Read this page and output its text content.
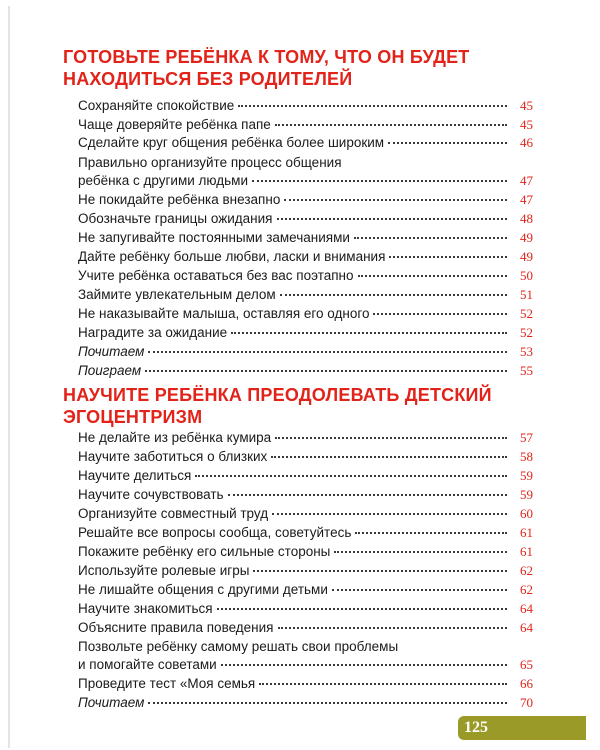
ГОТОВЬТЕ РЕБЁНКА К ТОМУ, ЧТО ОН БУДЕТ
НАХОДИТЬСЯ БЕЗ РОДИТЕЛЕЙ
Сохраняйте спокойствие	45
Чаще доверяйте ребёнка папе	45
Сделайте круг общения ребёнка более широким	46
Правильно организуйте процесс общения
ребёнка с другими людьми	47
Не покидайте ребёнка внезапно	47
Обозначьте границы ожидания	48
Не запугивайте постоянными замечаниями	49
Дайте ребёнку больше любви, ласки и внимания	49
Учите ребёнка оставаться без вас поэтапно	50
Займите увлекательным делом	51
Не наказывайте малыша, оставляя его одного	52
Наградите за ожидание	52
Почитаем	53
Поиграем	55
НАУЧИТЕ РЕБЁНКА ПРЕОДОЛЕВАТЬ ДЕТСКИЙ
ЭГОЦЕНТРИЗМ
Не делайте из ребёнка кумира	57
Научите заботиться о близких	58
Научите делиться	59
Научите сочувствовать	59
Организуйте совместный труд	60
Решайте все вопросы сообща, советуйтесь	61
Покажите ребёнку его сильные стороны	61
Используйте ролевые игры	62
Не лишайте общения с другими детьми	62
Научите знакомиться	64
Объясните правила поведения	64
Позвольте ребёнку самому решать свои проблемы
и помогайте советами	65
Проведите тест «Моя семья	66
Почитаем	70
125
